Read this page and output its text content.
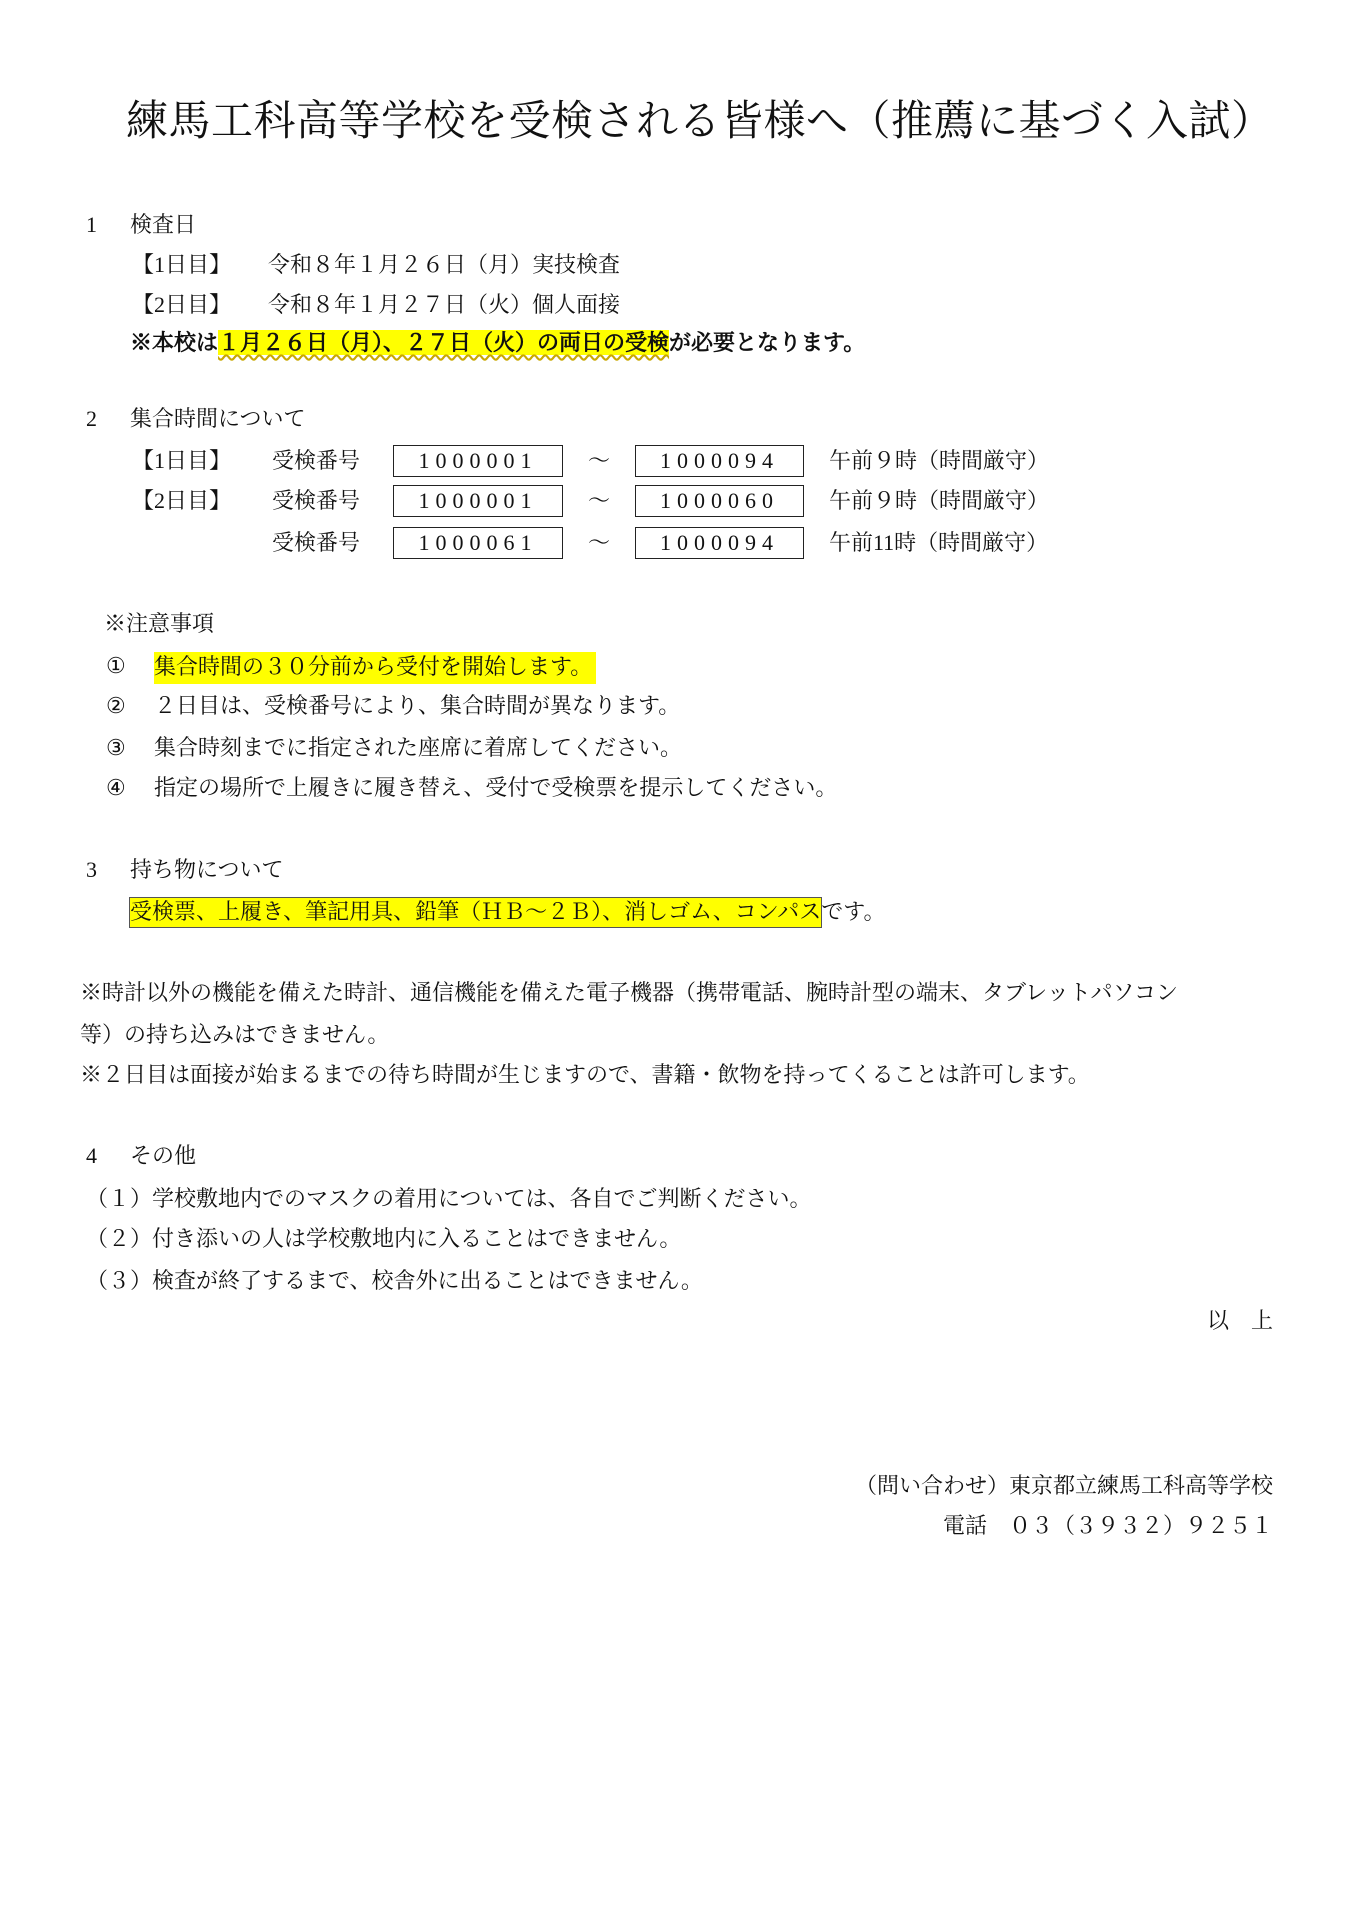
練馬工科高等学校を受検される皆様へ（推薦に基づく入試）
1 検査日
【1日目】 令和８年１月２６日（月）実技検査
【2日目】 令和８年１月２７日（火）個人面接
※本校は１月２６日（月）、２７日（火）の両日の受検が必要となります。
2 集合時間について
【1日目】 受検番号	1000001	～	1000094	午前９時（時間厳守）
【2日目】 受検番号	1000001	～	1000060	午前９時（時間厳守）
受検番号	1000061	～	1000094	午前11時（時間厳守）
※注意事項
① 集合時間の３０分前から受付を開始します。
② ２日目は、受検番号により、集合時間が異なります。
③ 集合時刻までに指定された座席に着席してください。
④ 指定の場所で上履きに履き替え、受付で受検票を提示してください。
3 持ち物について
受検票、上履き、筆記用具、鉛筆（ＨＢ～２Ｂ）、消しゴム、コンパスです。
※時計以外の機能を備えた時計、通信機能を備えた電子機器（携帯電話、腕時計型の端末、タブレットパソコン
等）の持ち込みはできません。
※２日目は面接が始まるまでの待ち時間が生じますので、書籍・飲物を持ってくることは許可します。
4 その他
（１）学校敷地内でのマスクの着用については、各自でご判断ください。
（２）付き添いの人は学校敷地内に入ることはできません。
（３）検査が終了するまで、校舎外に出ることはできません。
以　上
（問い合わせ）東京都立練馬工科高等学校
電話  ０３（３９３２）９２５１
